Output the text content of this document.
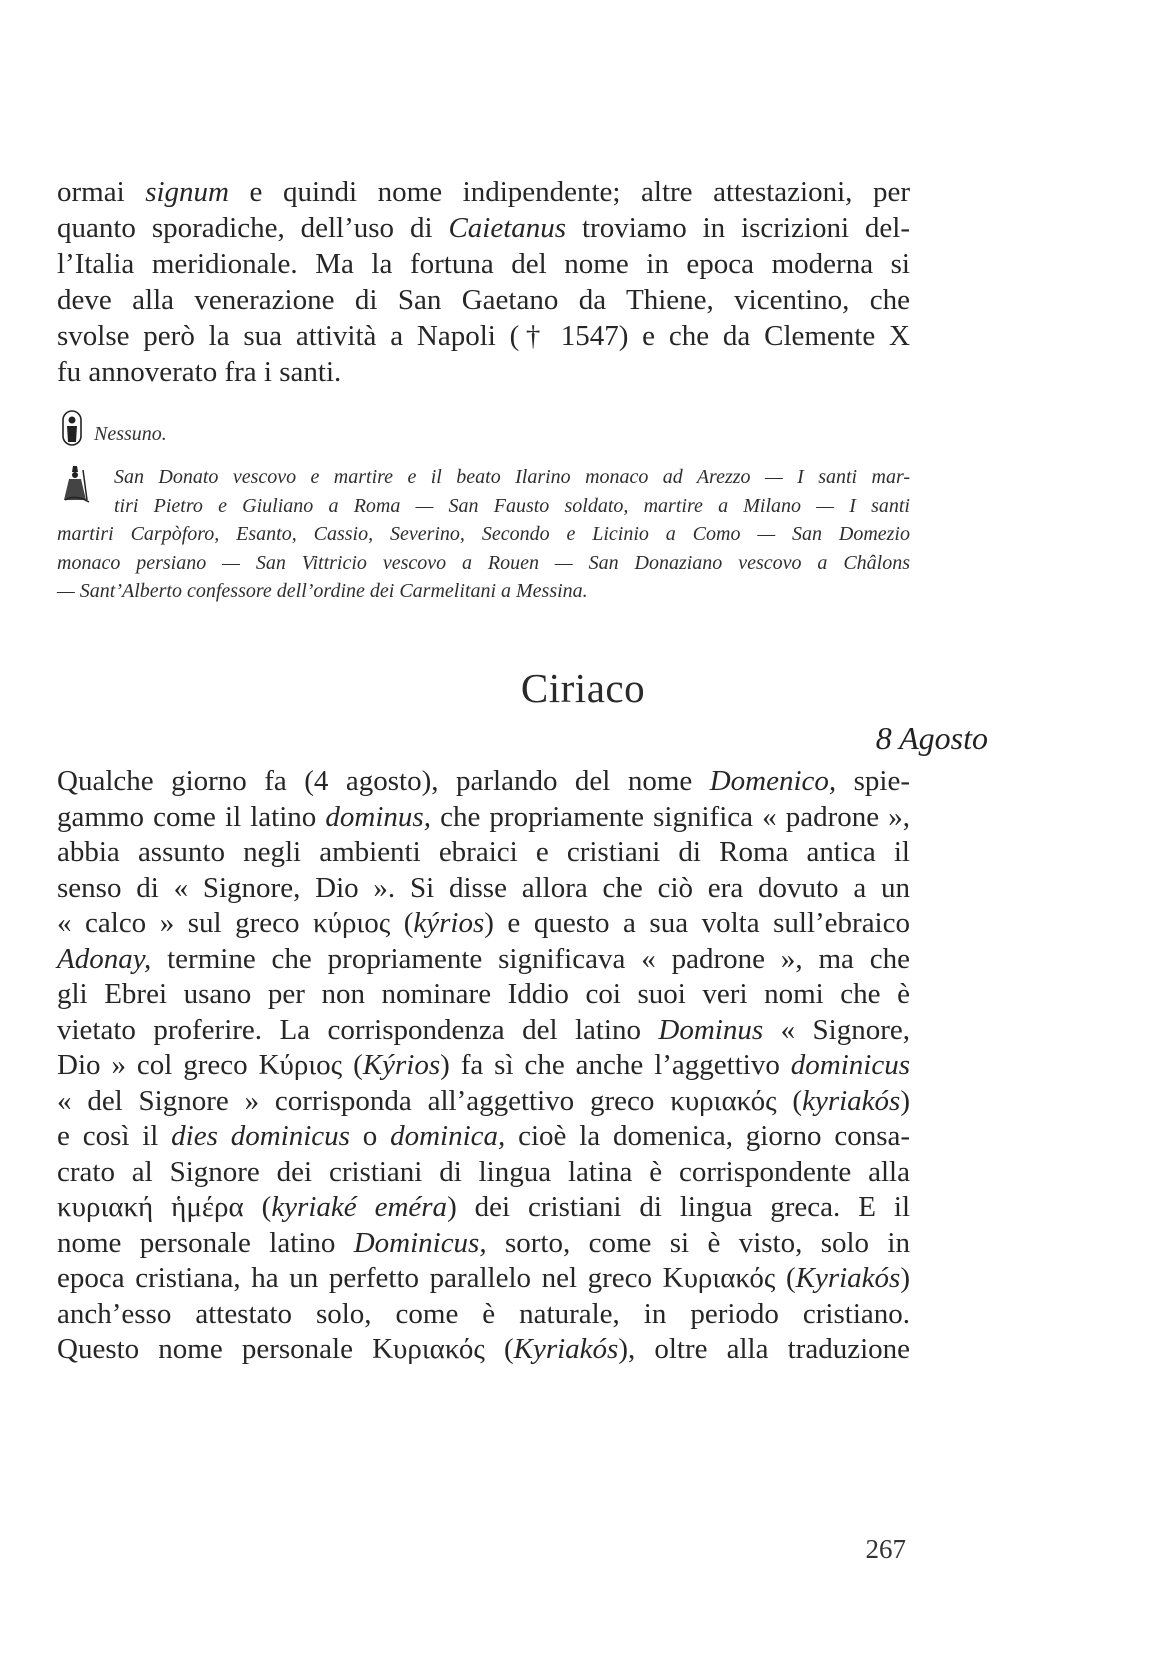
ormai signum e quindi nome indipendente; altre attestazioni, per
quanto sporadiche, dell’uso di Caietanus troviamo in iscrizioni del-
l’Italia meridionale. Ma la fortuna del nome in epoca moderna si
deve alla venerazione di San Gaetano da Thiene, vicentino, che
svolse però la sua attività a Napoli († 1547) e che da Clemente X
fu annoverato fra i santi.
Nessuno.
San Donato vescovo e martire e il beato Ilarino monaco ad Arezzo — I santi mar-
tiri Pietro e Giuliano a Roma — San Fausto soldato, martire a Milano — I santi
martiri Carpòforo, Esanto, Cassio, Severino, Secondo e Licinio a Como — San Domezio
monaco persiano — San Vittricio vescovo a Rouen — San Donaziano vescovo a Châlons
— Sant’Alberto confessore dell’ordine dei Carmelitani a Messina.
Ciriaco
8 Agosto
Qualche giorno fa (4 agosto), parlando del nome Domenico, spie-
gammo come il latino dominus, che propriamente significa « padrone »,
abbia assunto negli ambienti ebraici e cristiani di Roma antica il
senso di « Signore, Dio ». Si disse allora che ciò era dovuto a un
« calco » sul greco κύριος (kýrios) e questo a sua volta sull’ebraico
Adonay, termine che propriamente significava « padrone », ma che
gli Ebrei usano per non nominare Iddio coi suoi veri nomi che è
vietato proferire. La corrispondenza del latino Dominus « Signore,
Dio » col greco Κύριος (Kýrios) fa sì che anche l’aggettivo dominicus
« del Signore » corrisponda all’aggettivo greco κυριακός (kyriakós)
e così il dies dominicus o dominica, cioè la domenica, giorno consa-
crato al Signore dei cristiani di lingua latina è corrispondente alla
κυριακή ἡμέρα (kyriaké eméra) dei cristiani di lingua greca. E il
nome personale latino Dominicus, sorto, come si è visto, solo in
epoca cristiana, ha un perfetto parallelo nel greco Κυριακός (Kyriakós)
anch’esso attestato solo, come è naturale, in periodo cristiano.
Questo nome personale Κυριακός (Kyriakós), oltre alla traduzione
267
